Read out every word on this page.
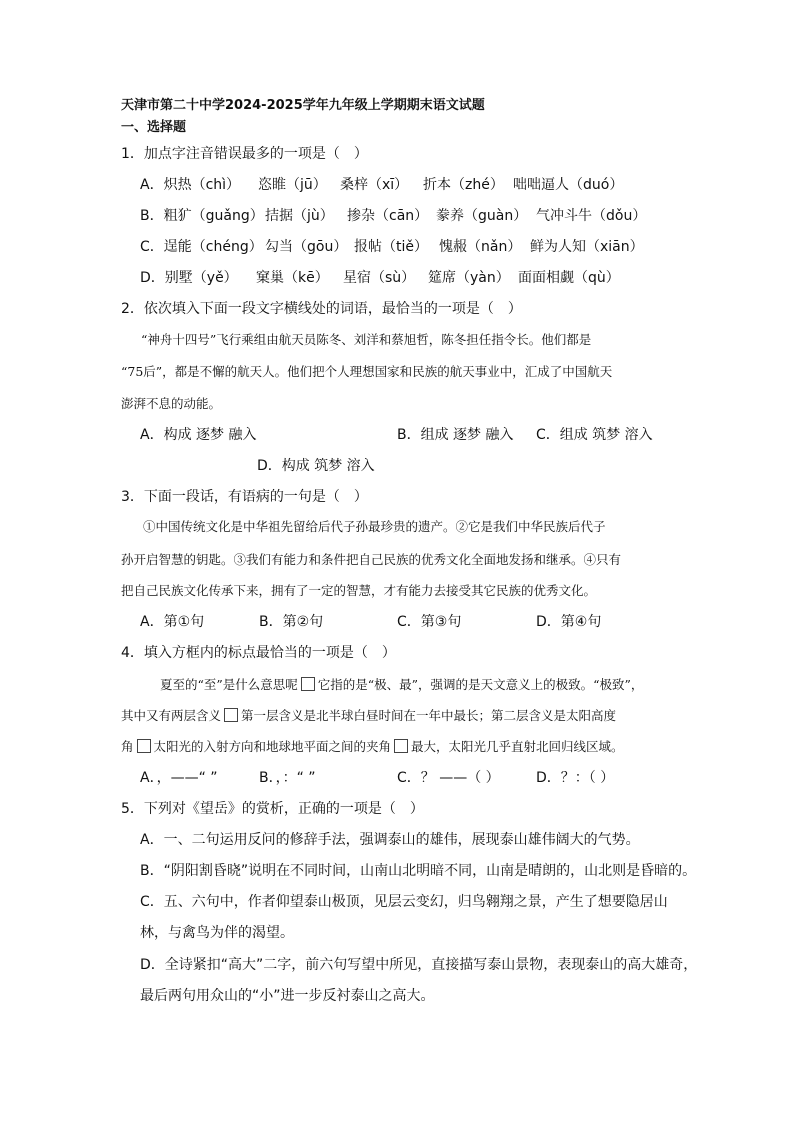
天津市第二十中学2024-2025学年九年级上学期期末语文试题
一、选择题
1．加点字注音错误最多的一项是（　）
A．炽热（chì） 恣睢（jū） 桑梓（xī） 折本（zhé） 咄咄逼人（duó）
B．粗犷（guǎng） 拮据（jù） 掺杂（cān） 豢养（guàn） 气冲斗牛（dǒu）
C．逞能（chéng） 勾当（gōu） 报帖（tiě） 愧赧（nǎn） 鲜为人知（xiān）
D．别墅（yě） 窠巢（kē） 星宿（sù） 筵席（yàn） 面面相觑（qù）
2．依次填入下面一段文字横线处的词语，最恰当的一项是（　）
“神舟十四号”飞行乘组由航天员陈冬、刘洋和蔡旭哲，陈冬担任指令长。他们都是
“75后”，都是不懈的航天人。他们把个人理想国家和民族的航天事业中，汇成了中国航天
澎湃不息的动能。
A．构成 逐梦 融入	B．组成 逐梦 融入 C．组成 筑梦 溶入
D．构成 筑梦 溶入
3．下面一段话，有语病的一句是（　）
①中国传统文化是中华祖先留给后代子孙最珍贵的遗产。②它是我们中华民族后代子
孙开启智慧的钥匙。③我们有能力和条件把自己民族的优秀文化全面地发扬和继承。④只有
把自己民族文化传承下来，拥有了一定的智慧，才有能力去接受其它民族的优秀文化。
A．第①句	B．第②句	C．第③句	D．第④句
4．填入方框内的标点最恰当的一项是（　）
夏至的“至”是什么意思呢 它指的是“极、最”，强调的是天文意义上的极致。“极致”，
其中又有两层含义 第一层含义是北半球白昼时间在一年中最长；第二层含义是太阳高度
角 太阳光的入射方向和地球地平面之间的夹角 最大，太阳光几乎直射北回归线区域。
A．，——“ ”	B．，：“ ”	C．？ ——（ ）	D．？：（ ）
5．下列对《望岳》的赏析，正确的一项是（　）
A．一、二句运用反问的修辞手法，强调泰山的雄伟，展现泰山雄伟阔大的气势。
B．“阴阳割昏晓”说明在不同时间，山南山北明暗不同，山南是晴朗的，山北则是昏暗的。
C．五、六句中，作者仰望泰山极顶，见层云变幻，归鸟翱翔之景，产生了想要隐居山
林，与禽鸟为伴的渴望。
D．全诗紧扣“高大”二字，前六句写望中所见，直接描写泰山景物，表现泰山的高大雄奇，
最后两句用众山的“小”进一步反衬泰山之高大。
